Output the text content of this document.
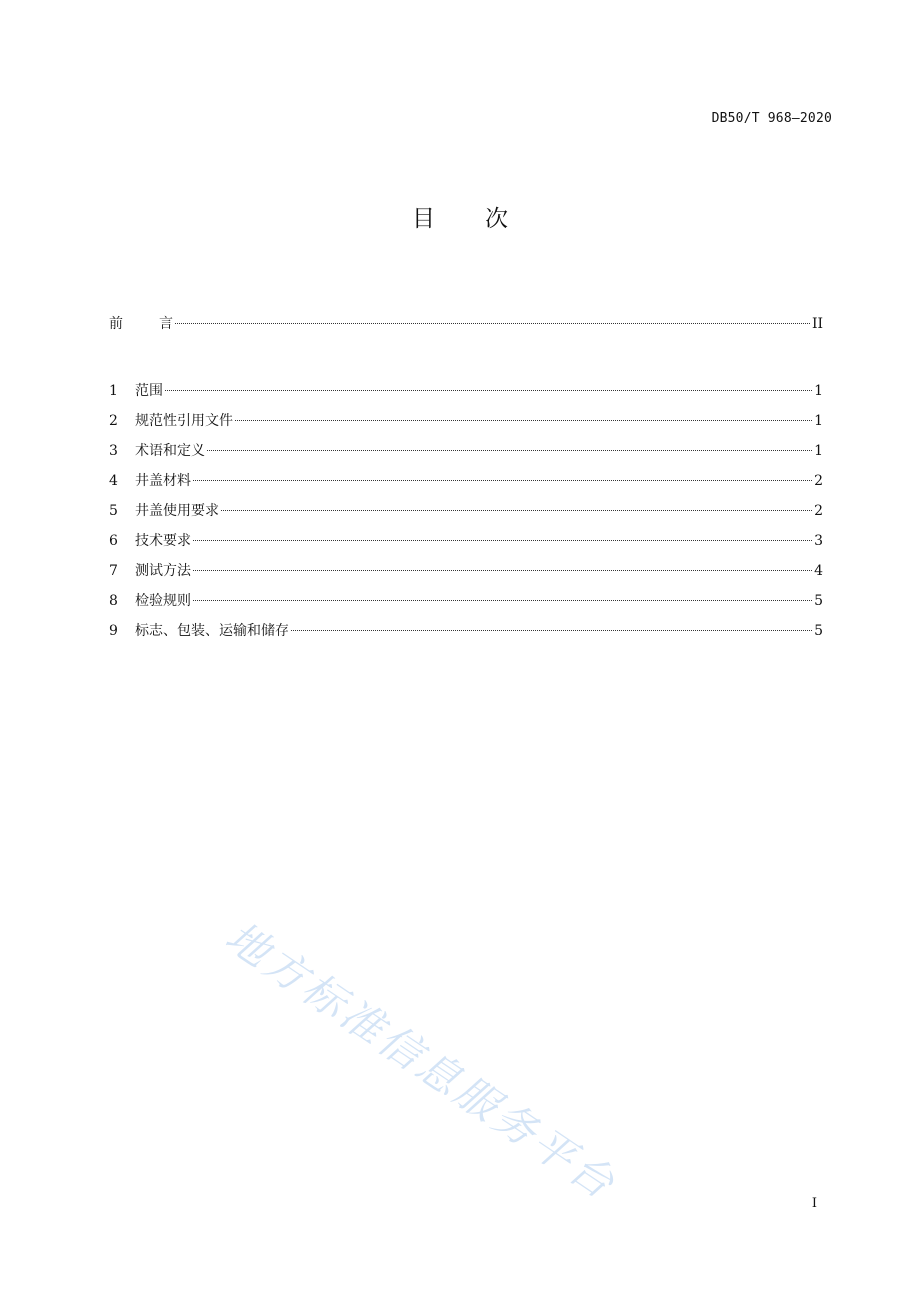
DB50/T 968—2020
目 次
前	言	II
1	范围	1
2	规范性引用文件	1
3	术语和定义	1
4	井盖材料	2
5	井盖使用要求	2
6	技术要求	3
7	测试方法	4
8	检验规则	5
9	标志、包装、运输和储存	5
地方标准信息服务平台	I
